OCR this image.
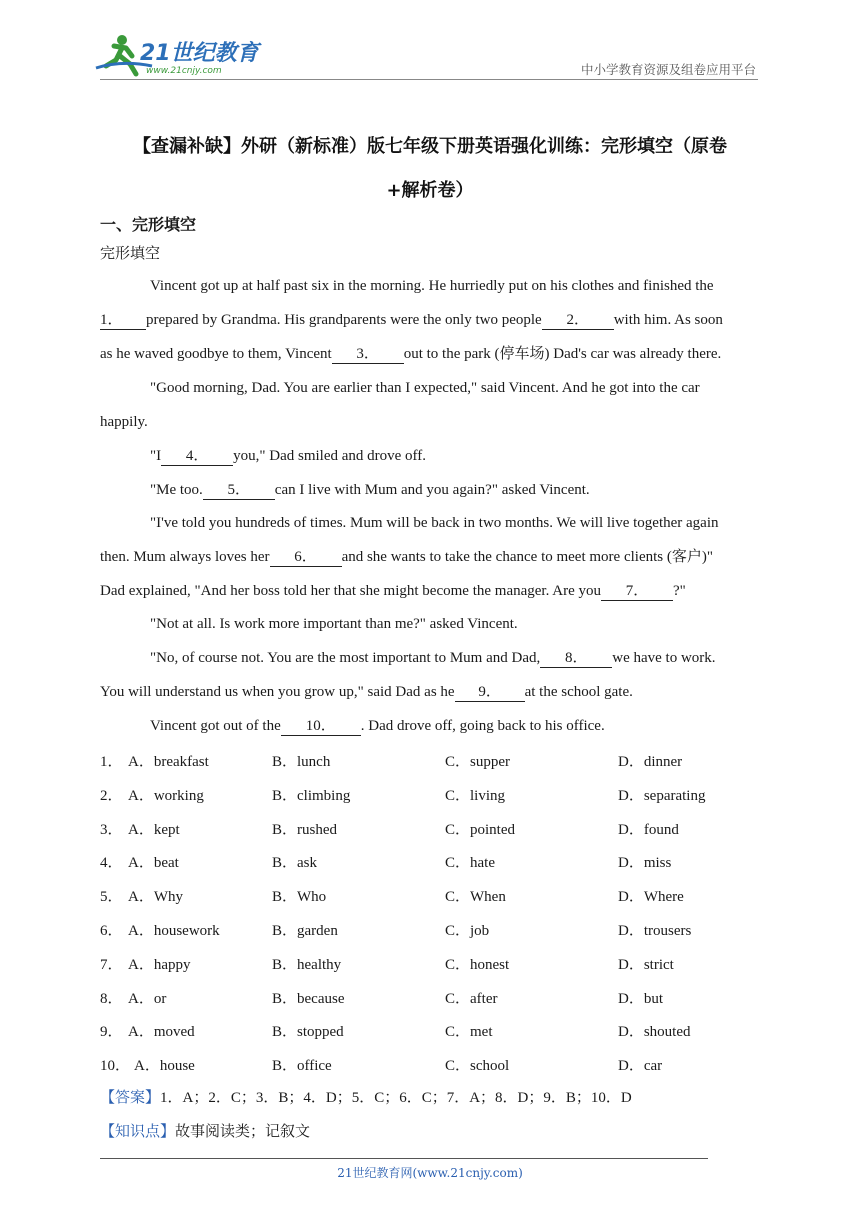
21世纪教育
www.21cnjy.com	中小学教育资源及组卷应用平台
【查漏补缺】外研（新标准）版七年级下册英语强化训练：完形填空（原卷
+解析卷）
一、完形填空
完形填空
Vincent got up at half past six in the morning. He hurriedly put on his clothes and finished the
1． prepared by Grandma. His grandparents were the only two people 2． with him. As soon
as he waved goodbye to them, Vincent 3． out to the park (停车场) Dad's car was already there.
"Good morning, Dad. You are earlier than I expected," said Vincent. And he got into the car
happily.
"I 4． you," Dad smiled and drove off.
"Me too. 5． can I live with Mum and you again?" asked Vincent.
"I've told you hundreds of times. Mum will be back in two months. We will live together again
then. Mum always loves her 6． and she wants to take the chance to meet more clients (客户)"
Dad explained, "And her boss told her that she might become the manager. Are you 7． ?"
"Not at all. Is work more important than me?" asked Vincent.
"No, of course not. You are the most important to Mum and Dad, 8． we have to work.
You will understand us when you grow up," said Dad as he 9． at the school gate.
Vincent got out of the 10． . Dad drove off, going back to his office.
1． A．breakfast	B．lunch	C．supper	D．dinner
2． A．working	B．climbing	C．living	D．separating
3． A．kept	B．rushed	C．pointed	D．found
4． A．beat	B．ask	C．hate	D．miss
5． A．Why	B．Who	C．When	D．Where
6． A．housework	B．garden	C．job	D．trousers
7． A．happy	B．healthy	C．honest	D．strict
8． A．or	B．because	C．after	D．but
9． A．moved	B．stopped	C．met	D．shouted
10． A．house	B．office	C．school	D．car
【答案】1．A；2．C；3．B；4．D；5．C；6．C；7．A；8．D；9．B；10．D
【知识点】故事阅读类；记叙文
21世纪教育网(www.21cnjy.com)
